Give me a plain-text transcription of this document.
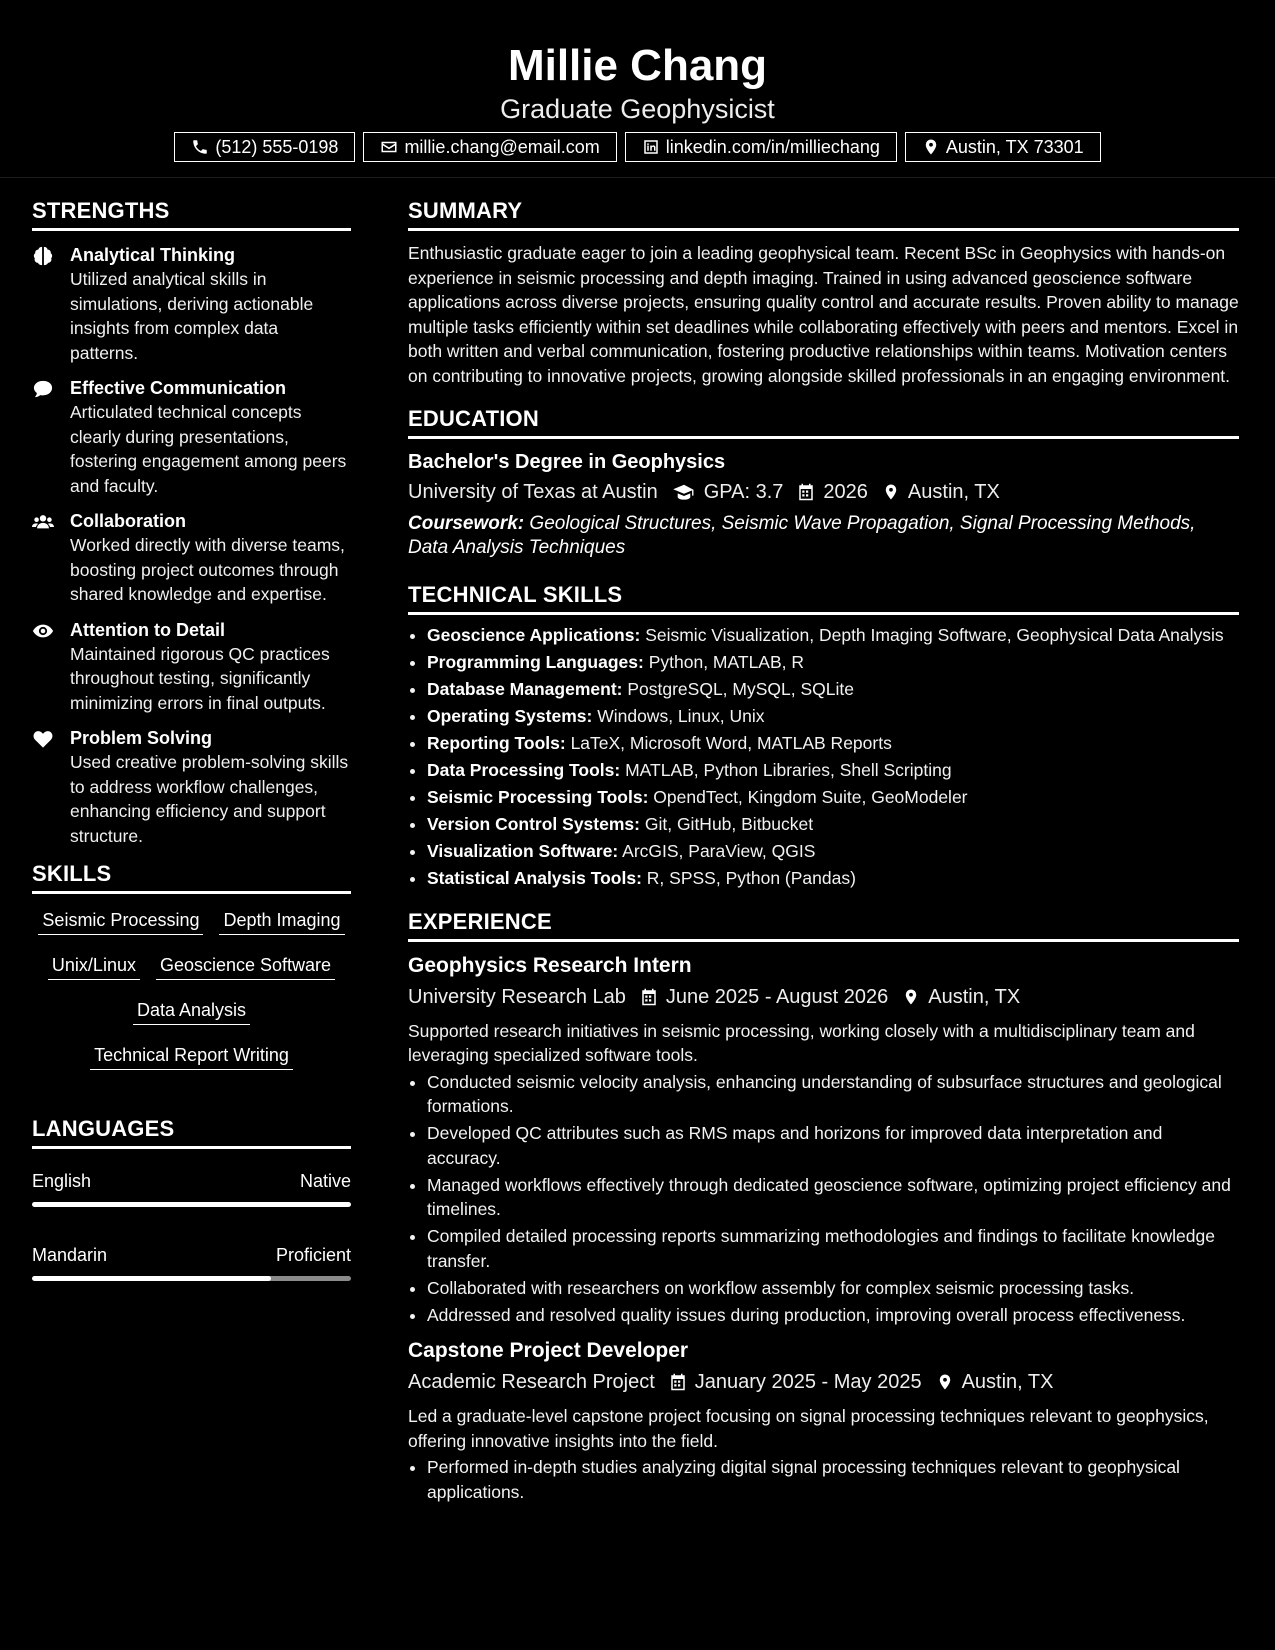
Millie Chang
Graduate Geophysicist
(512) 555-0198	millie.chang@email.com	linkedin.com/in/milliechang	Austin, TX 73301
STRENGTHS
Analytical Thinking
Utilized analytical skills in simulations, deriving actionable insights from complex data patterns.
Effective Communication
Articulated technical concepts clearly during presentations, fostering engagement among peers and faculty.
Collaboration
Worked directly with diverse teams, boosting project outcomes through shared knowledge and expertise.
Attention to Detail
Maintained rigorous QC practices throughout testing, significantly minimizing errors in final outputs.
Problem Solving
Used creative problem-solving skills to address workflow challenges, enhancing efficiency and support structure.
SKILLS
Seismic Processing Depth Imaging
Unix/Linux Geoscience Software
Data Analysis
Technical Report Writing
LANGUAGES
English	Native
Mandarin	Proficient
SUMMARY

Enthusiastic graduate eager to join a leading geophysical team. Recent BSc in Geophysics with hands-on experience in seismic processing and depth imaging. Trained in using advanced geoscience software applications across diverse projects, ensuring quality control and accurate results. Proven ability to manage multiple tasks efficiently within set deadlines while collaborating effectively with peers and mentors. Excel in both written and verbal communication, fostering productive relationships within teams. Motivation centers on contributing to innovative projects, growing alongside skilled professionals in an engaging environment.

EDUCATION
Bachelor's Degree in Geophysics
University of Texas at Austin GPA: 3.7 2026 Austin, TX
Coursework: Geological Structures, Seismic Wave Propagation, Signal Processing Methods, Data Analysis Techniques
TECHNICAL SKILLS
• Geoscience Applications: Seismic Visualization, Depth Imaging Software, Geophysical Data Analysis
• Programming Languages: Python, MATLAB, R
• Database Management: PostgreSQL, MySQL, SQLite
• Operating Systems: Windows, Linux, Unix
• Reporting Tools: LaTeX, Microsoft Word, MATLAB Reports
• Data Processing Tools: MATLAB, Python Libraries, Shell Scripting
• Seismic Processing Tools: OpendTect, Kingdom Suite, GeoModeler
• Version Control Systems: Git, GitHub, Bitbucket
• Visualization Software: ArcGIS, ParaView, QGIS
• Statistical Analysis Tools: R, SPSS, Python (Pandas)
EXPERIENCE
Geophysics Research Intern
University Research Lab June 2025 - August 2026 Austin, TX
Supported research initiatives in seismic processing, working closely with a multidisciplinary team and leveraging specialized software tools.
• Conducted seismic velocity analysis, enhancing understanding of subsurface structures and geological formations.
• Developed QC attributes such as RMS maps and horizons for improved data interpretation and accuracy.
• Managed workflows effectively through dedicated geoscience software, optimizing project efficiency and timelines.
• Compiled detailed processing reports summarizing methodologies and findings to facilitate knowledge transfer.
• Collaborated with researchers on workflow assembly for complex seismic processing tasks.
• Addressed and resolved quality issues during production, improving overall process effectiveness.
Capstone Project Developer
Academic Research Project January 2025 - May 2025 Austin, TX
Led a graduate-level capstone project focusing on signal processing techniques relevant to geophysics, offering innovative insights into the field.
• Performed in-depth studies analyzing digital signal processing techniques relevant to geophysical applications.
